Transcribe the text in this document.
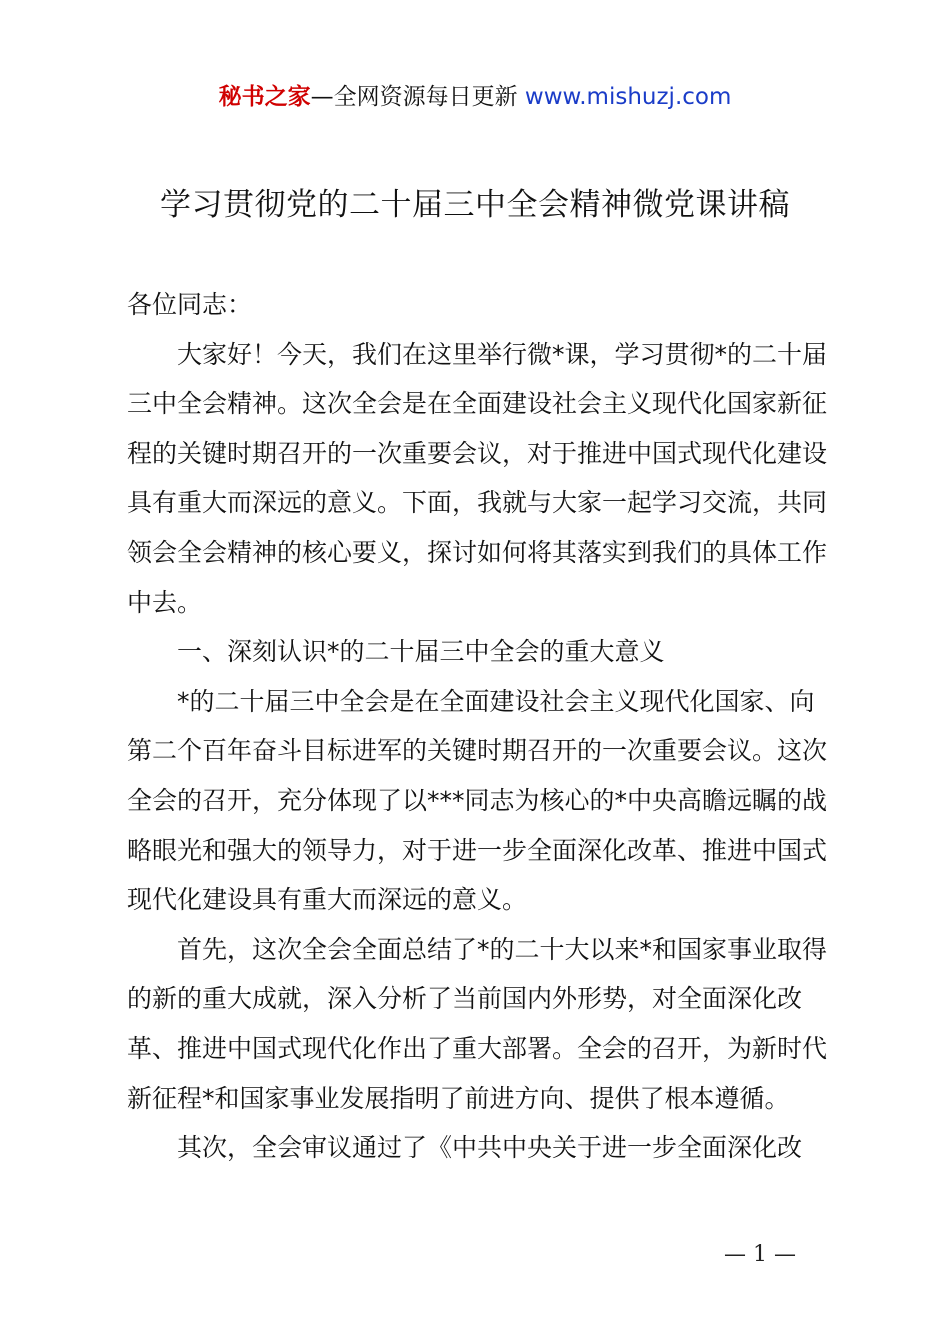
秘书之家—全网资源每日更新 www.mishuzj.com
学习贯彻党的二十届三中全会精神微党课讲稿

各位同志：

大家好！今天，我们在这里举行微*课，学习贯彻*的二十届三中全会精神。这次全会是在全面建设社会主义现代化国家新征程的关键时期召开的一次重要会议，对于推进中国式现代化建设具有重大而深远的意义。下面，我就与大家一起学习交流，共同领会全会精神的核心要义，探讨如何将其落实到我们的具体工作中去。

一、深刻认识*的二十届三中全会的重大意义

*的二十届三中全会是在全面建设社会主义现代化国家、向第二个百年奋斗目标进军的关键时期召开的一次重要会议。这次全会的召开，充分体现了以***同志为核心的*中央高瞻远瞩的战略眼光和强大的领导力，对于进一步全面深化改革、推进中国式现代化建设具有重大而深远的意义。

首先，这次全会全面总结了*的二十大以来*和国家事业取得的新的重大成就，深入分析了当前国内外形势，对全面深化改革、推进中国式现代化作出了重大部署。全会的召开，为新时代新征程*和国家事业发展指明了前进方向、提供了根本遵循。

其次，全会审议通过了《中共中央关于进一步全面深化改

— 1 —
